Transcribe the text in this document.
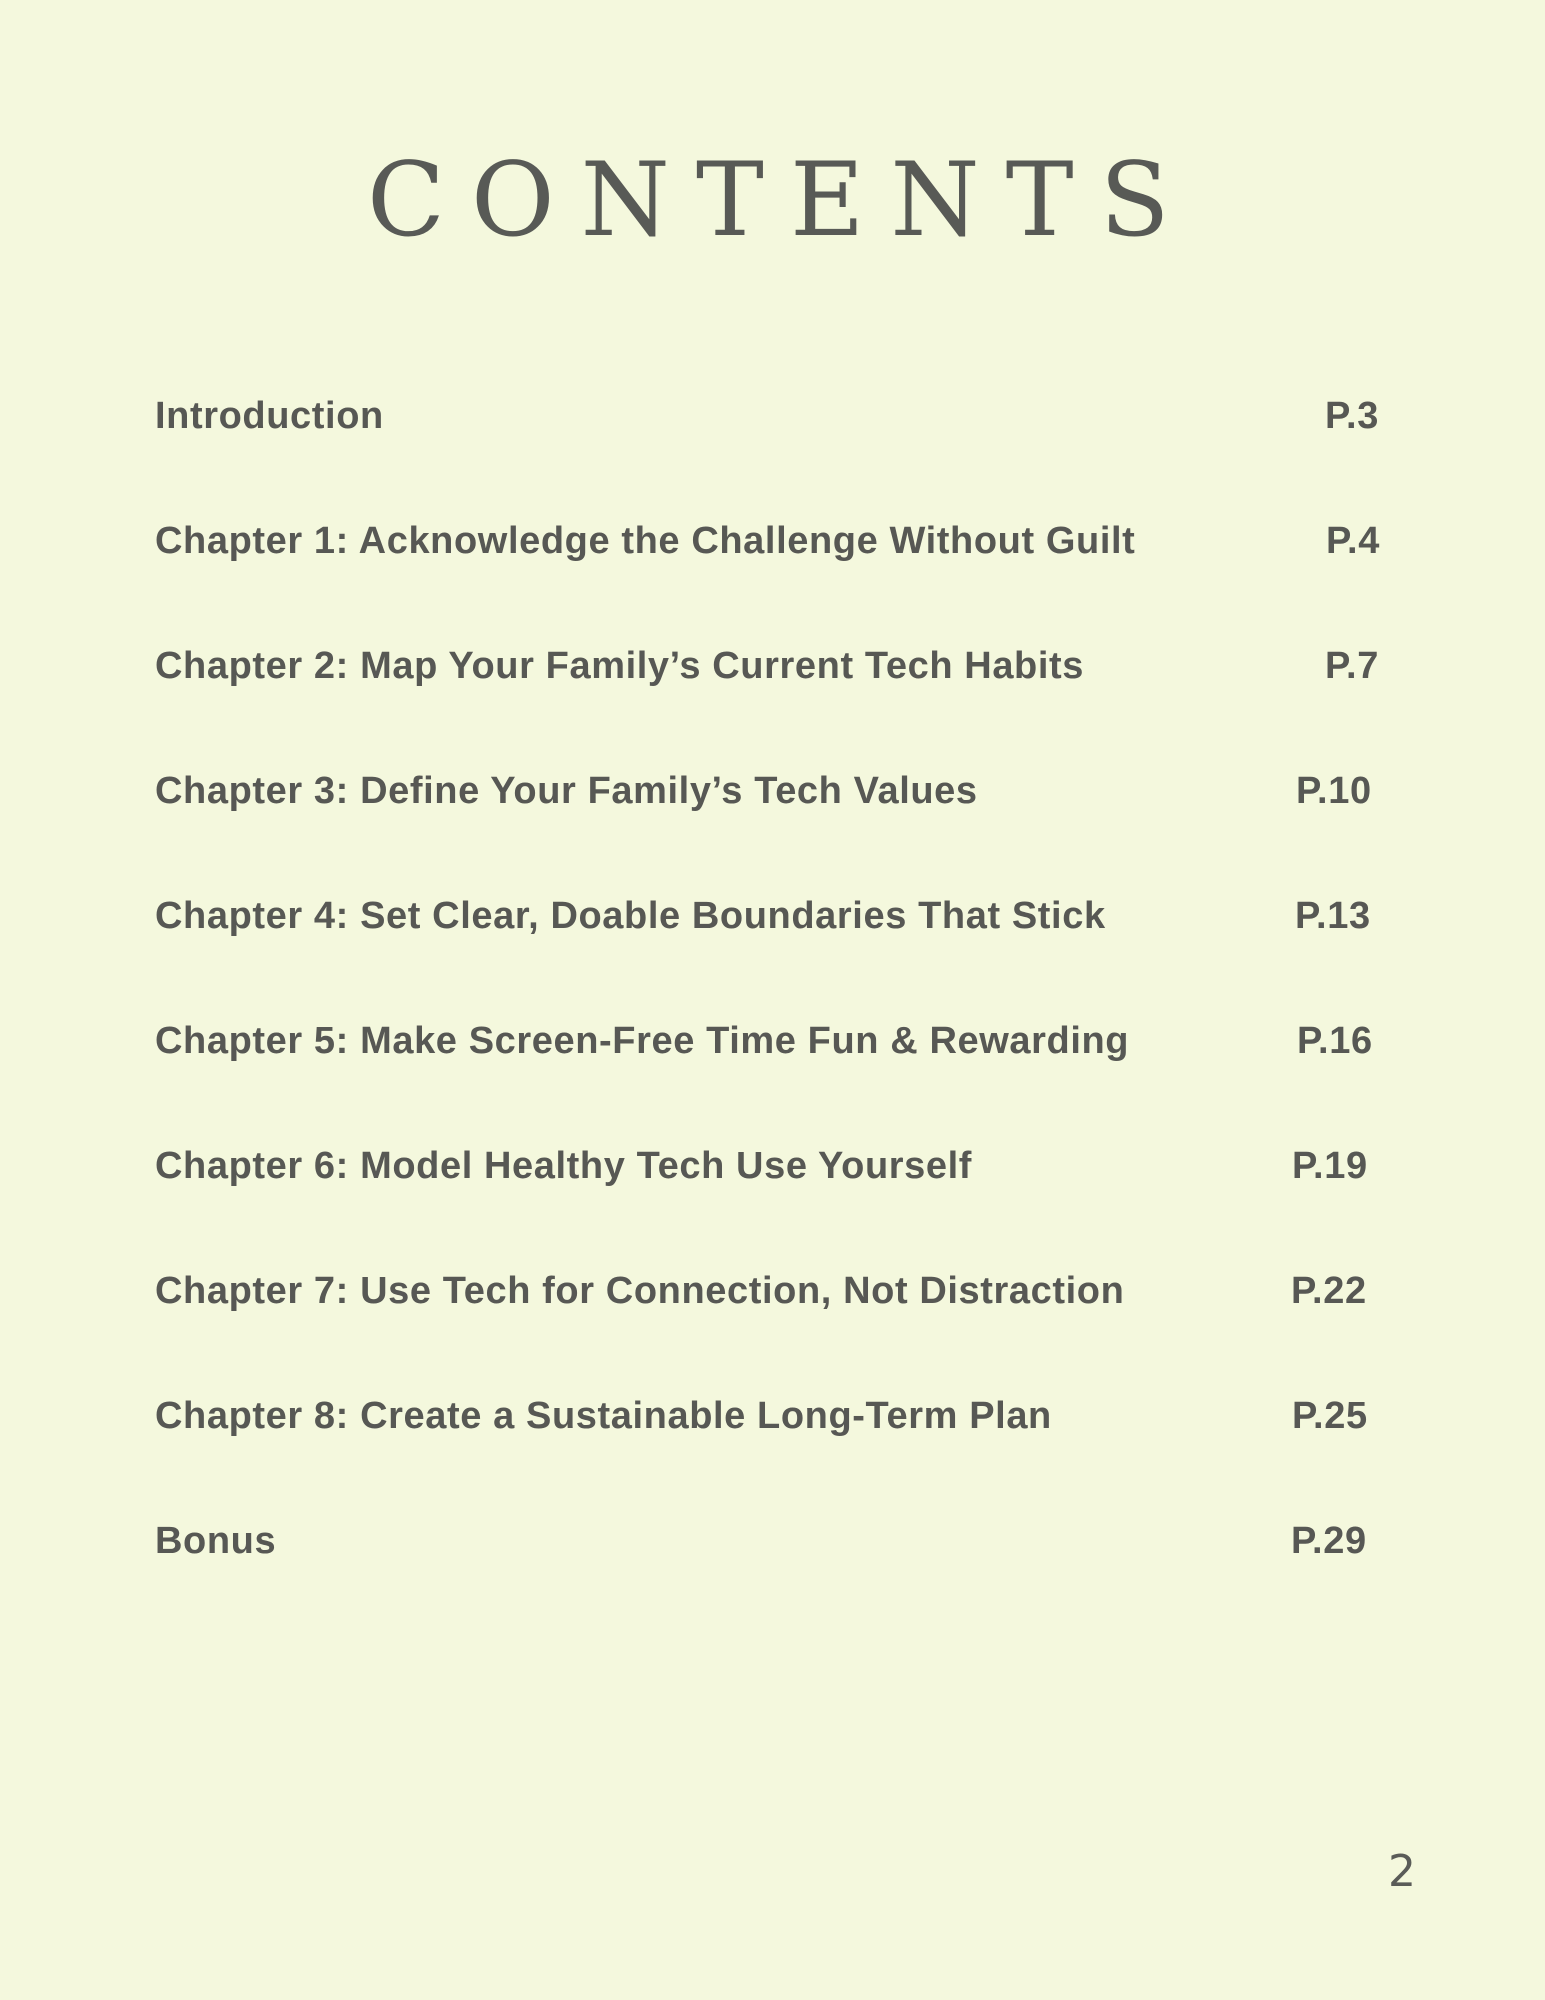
CONTENTS
Introduction	P.3
Chapter 1: Acknowledge the Challenge Without Guilt	P.4
Chapter 2: Map Your Family’s Current Tech Habits	P.7
Chapter 3: Define Your Family’s Tech Values	P.10
Chapter 4: Set Clear, Doable Boundaries That Stick	P.13
Chapter 5: Make Screen-Free Time Fun & Rewarding	P.16
Chapter 6: Model Healthy Tech Use Yourself	P.19
Chapter 7: Use Tech for Connection, Not Distraction	P.22
Chapter 8: Create a Sustainable Long-Term Plan	P.25
Bonus	P.29
2
